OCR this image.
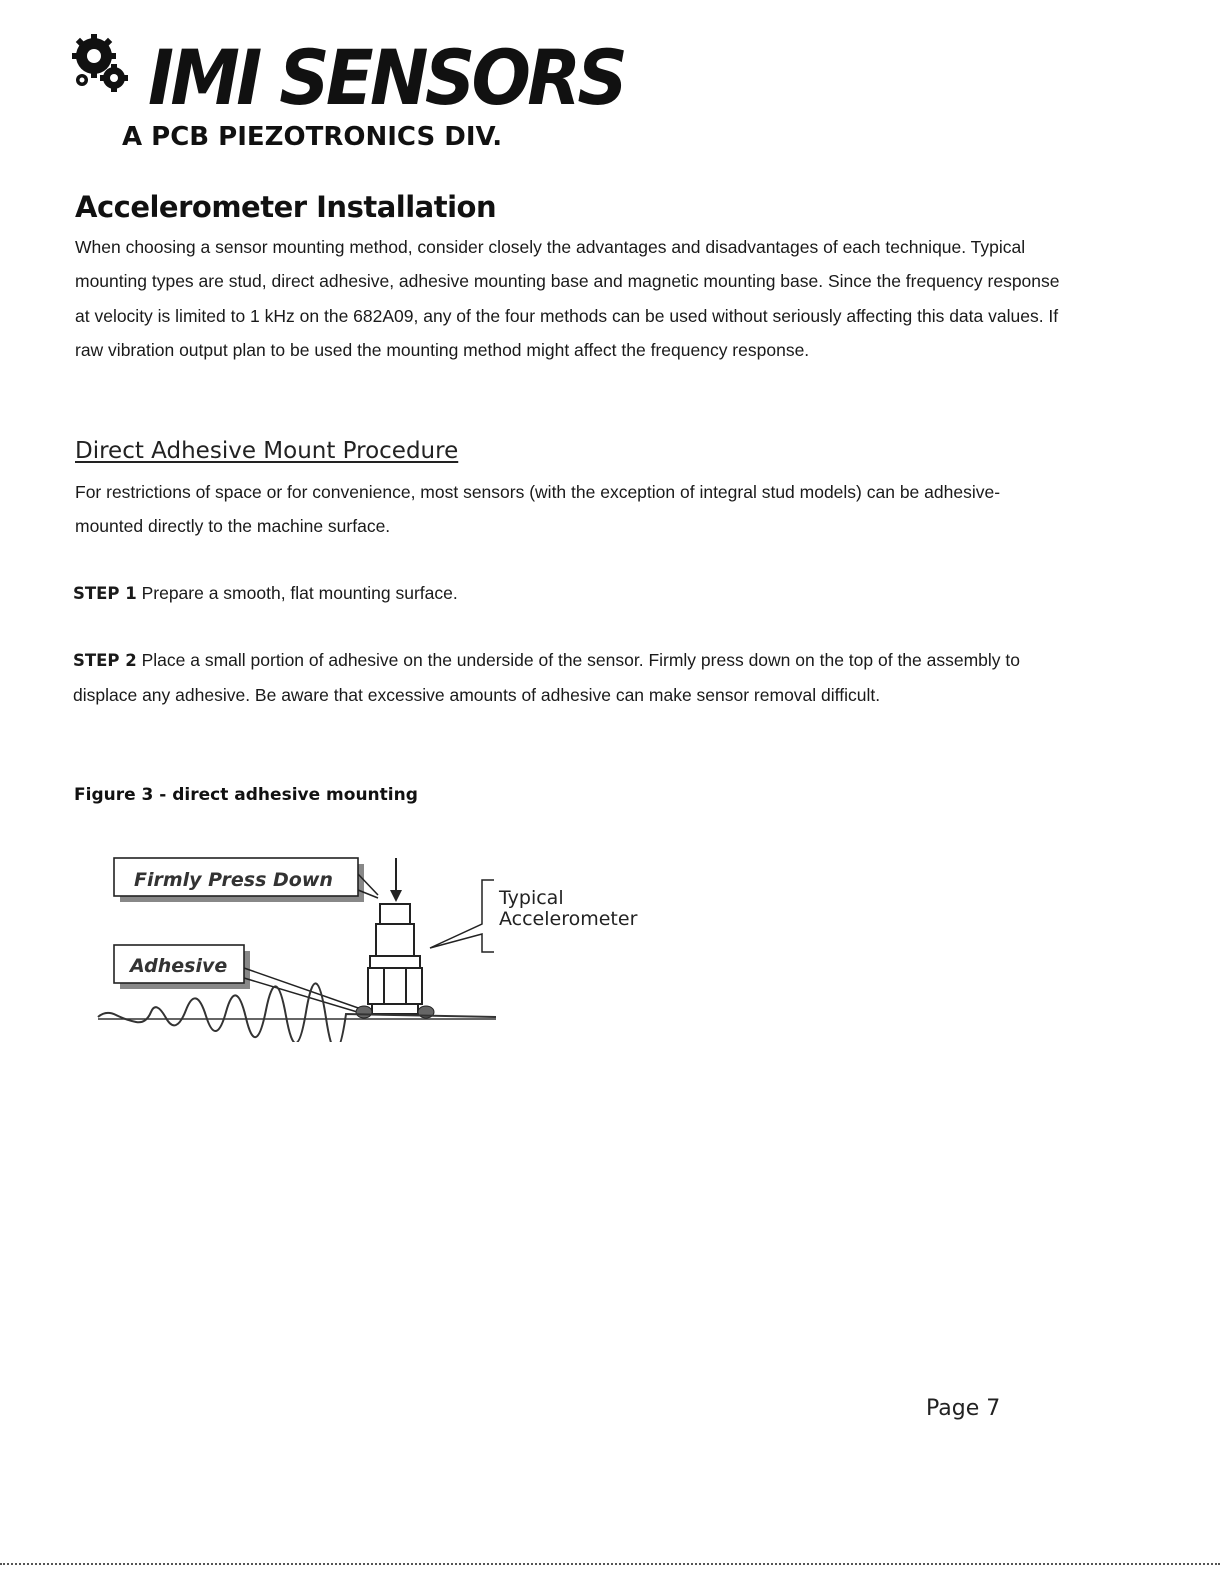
IMI SENSORS
A PCB PIEZOTRONICS DIV.
Accelerometer Installation

When choosing a sensor mounting method, consider closely the advantages and disadvantages of each technique. Typical mounting types are stud, direct adhesive, adhesive mounting base and magnetic mounting base. Since the frequency response at velocity is limited to 1 kHz on the 682A09, any of the four methods can be used without seriously affecting this data values. If raw vibration output plan to be used the mounting method might affect the frequency response.

Direct Adhesive Mount Procedure

For restrictions of space or for convenience, most sensors (with the exception of integral stud models) can be adhesive-mounted directly to the machine surface.

STEP 1 Prepare a smooth, flat mounting surface.

STEP 2 Place a small portion of adhesive on the underside of the sensor. Firmly press down on the top of the assembly to displace any adhesive. Be aware that excessive amounts of adhesive can make sensor removal difficult.

Figure 3 - direct adhesive mounting

Firmly Press Down
Adhesive
Typical
Accelerometer
Page 7
